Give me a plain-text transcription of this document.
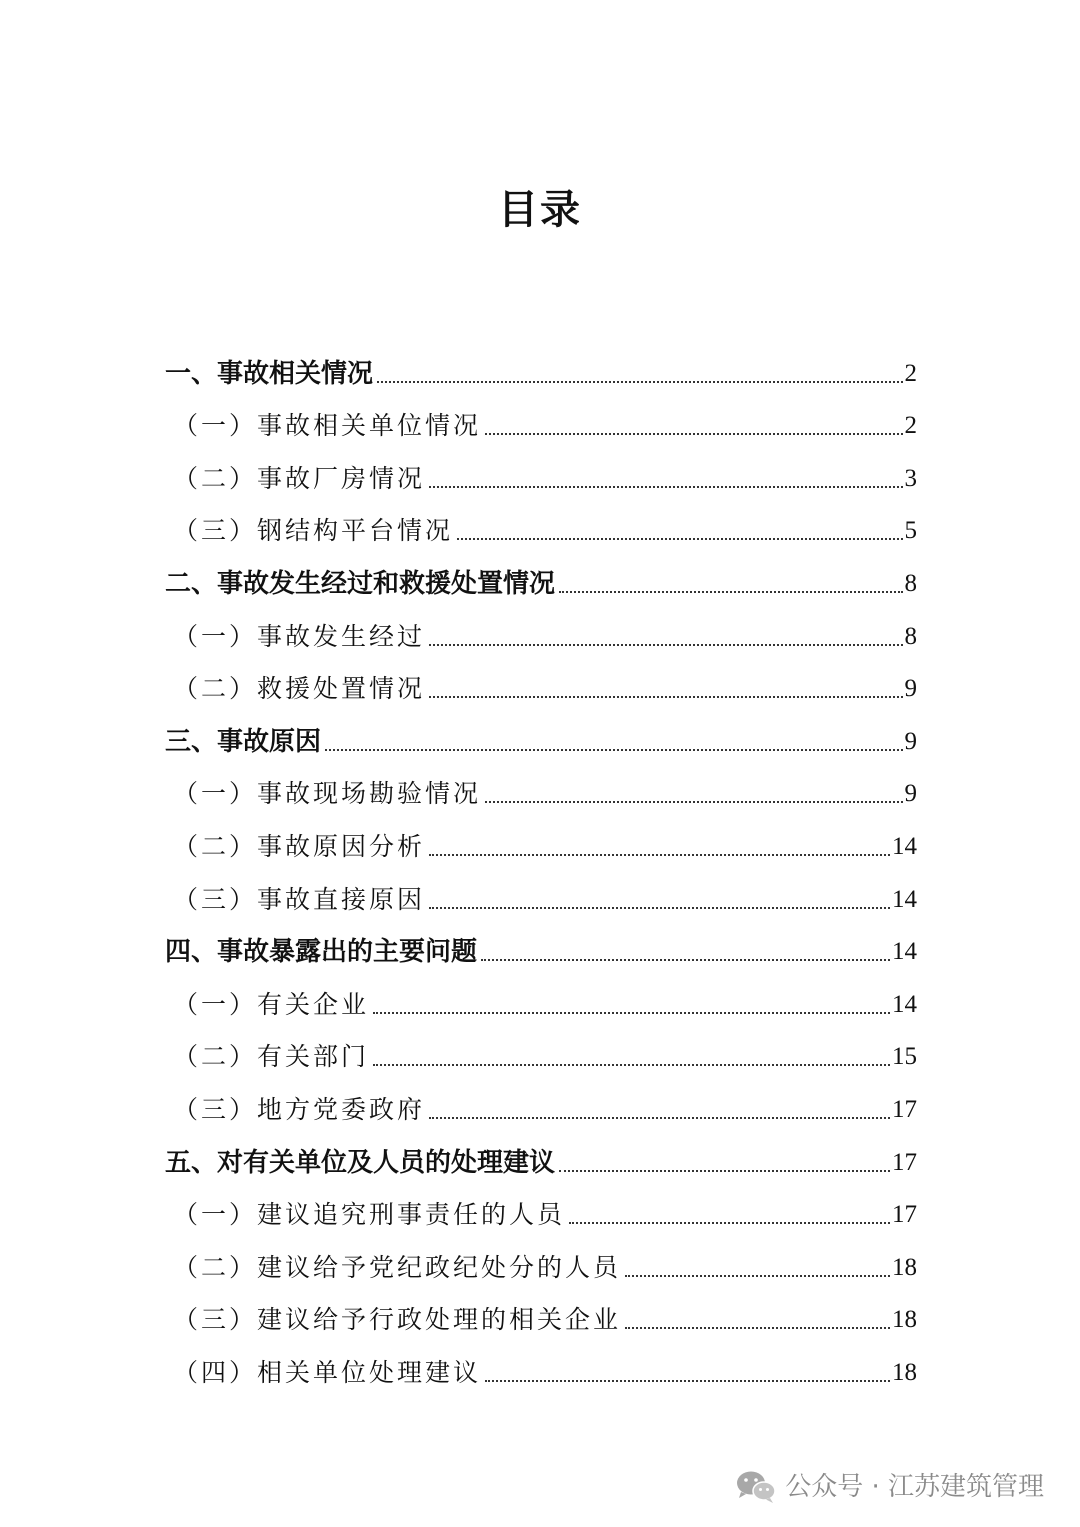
目录
一、事故相关情况	2
（一）事故相关单位情况	2
（二）事故厂房情况	3
（三）钢结构平台情况	5
二、事故发生经过和救援处置情况	8
（一）事故发生经过	8
（二）救援处置情况	9
三、事故原因	9
（一）事故现场勘验情况	9
（二）事故原因分析	14
（三）事故直接原因	14
四、事故暴露出的主要问题	14
（一）有关企业	14
（二）有关部门	15
（三）地方党委政府	17
五、对有关单位及人员的处理建议	17
（一）建议追究刑事责任的人员	17
（二）建议给予党纪政纪处分的人员	18
（三）建议给予行政处理的相关企业	18
（四）相关单位处理建议	18
公众号 · 江苏建筑管理
